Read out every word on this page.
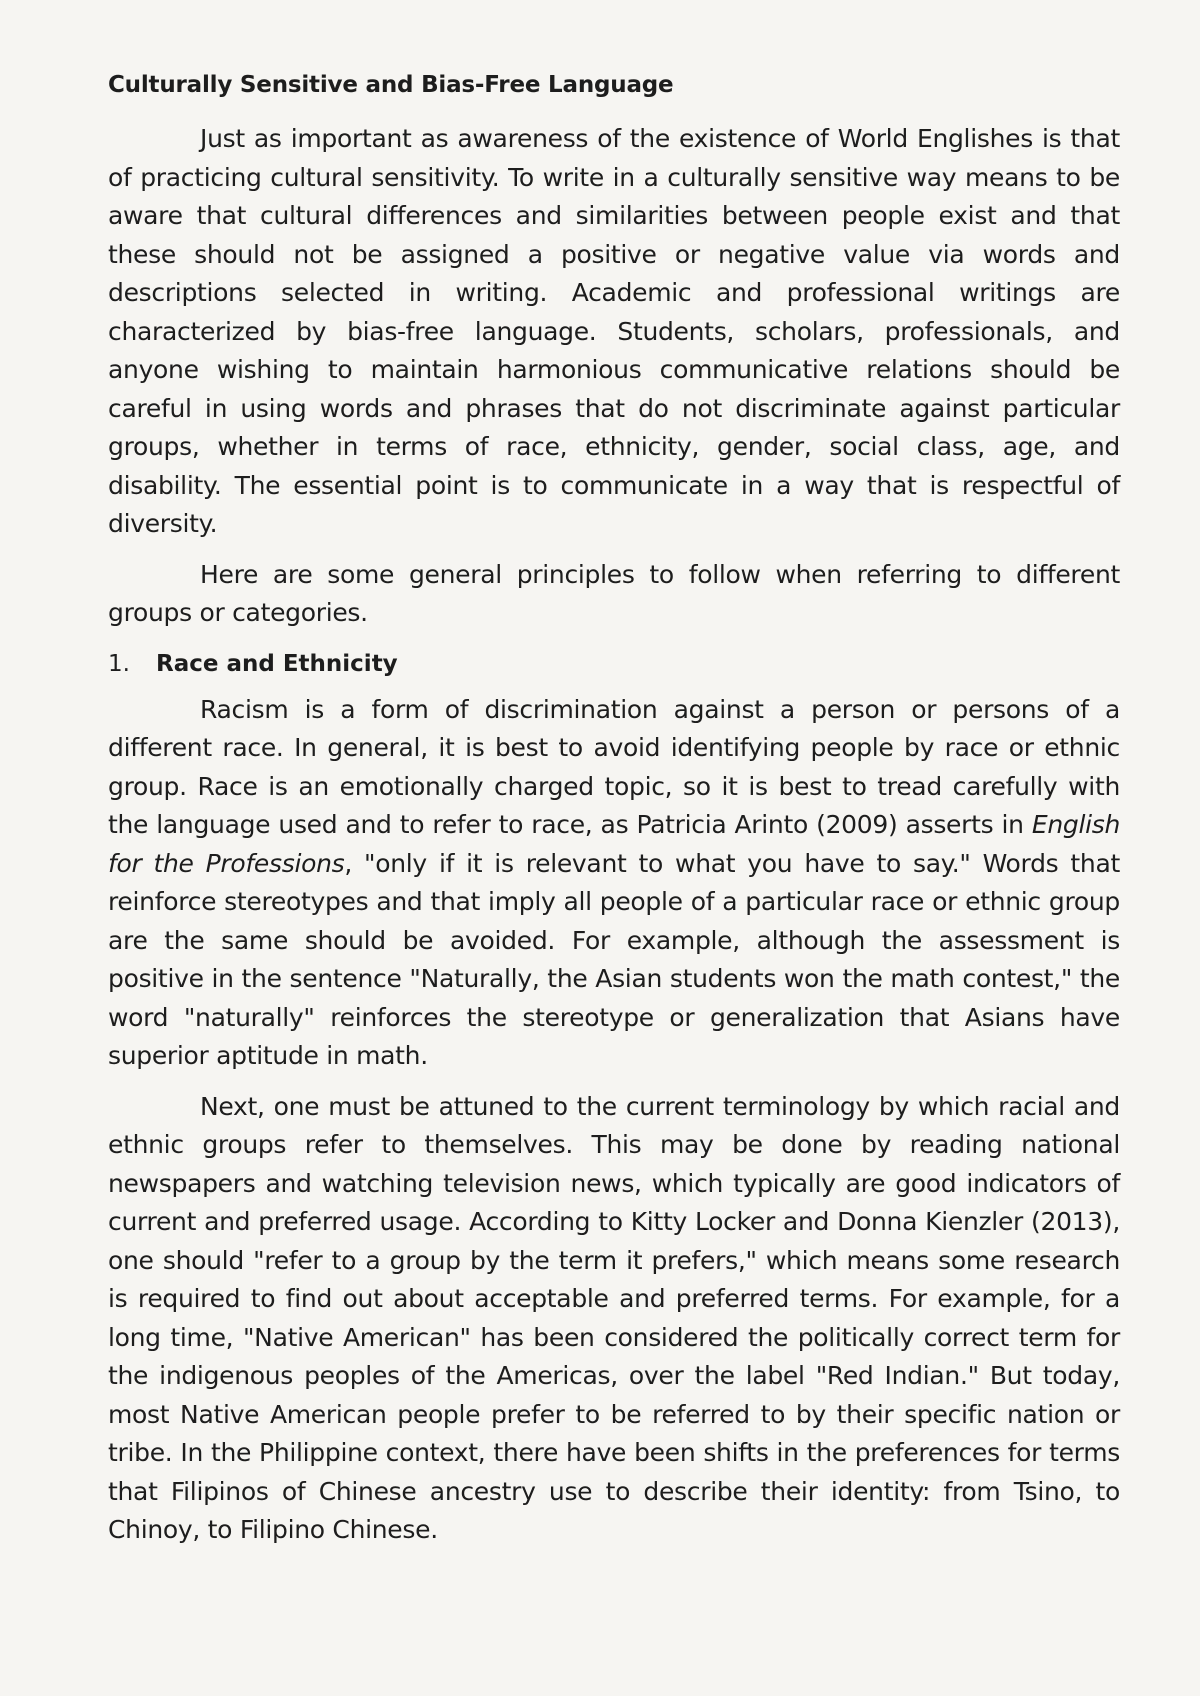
Culturally Sensitive and Bias-Free Language

Just as important as awareness of the existence of World Englishes is that of practicing cultural sensitivity. To write in a culturally sensitive way means to be aware that cultural differences and similarities between people exist and that these should not be assigned a positive or negative value via words and descriptions selected in writing. Academic and professional writings are characterized by bias-free language. Students, scholars, professionals, and anyone wishing to maintain harmonious communicative relations should be careful in using words and phrases that do not discriminate against particular groups, whether in terms of race, ethnicity, gender, social class, age, and disability. The essential point is to communicate in a way that is respectful of diversity.

Here are some general principles to follow when referring to different groups or categories.

1.	Race and Ethnicity

Racism is a form of discrimination against a person or persons of a different race. In general, it is best to avoid identifying people by race or ethnic group. Race is an emotionally charged topic, so it is best to tread carefully with the language used and to refer to race, as Patricia Arinto (2009) asserts in English for the Professions, "only if it is relevant to what you have to say." Words that reinforce stereotypes and that imply all people of a particular race or ethnic group are the same should be avoided. For example, although the assessment is positive in the sentence "Naturally, the Asian students won the math contest," the word "naturally" reinforces the stereotype or generalization that Asians have superior aptitude in math.

Next, one must be attuned to the current terminology by which racial and ethnic groups refer to themselves. This may be done by reading national newspapers and watching television news, which typically are good indicators of current and preferred usage. According to Kitty Locker and Donna Kienzler (2013), one should "refer to a group by the term it prefers," which means some research is required to find out about acceptable and preferred terms. For example, for a long time, "Native American" has been considered the politically correct term for the indigenous peoples of the Americas, over the label "Red Indian." But today, most Native American people prefer to be referred to by their specific nation or tribe. In the Philippine context, there have been shifts in the preferences for terms that Filipinos of Chinese ancestry use to describe their identity: from Tsino, to Chinoy, to Filipino Chinese.
